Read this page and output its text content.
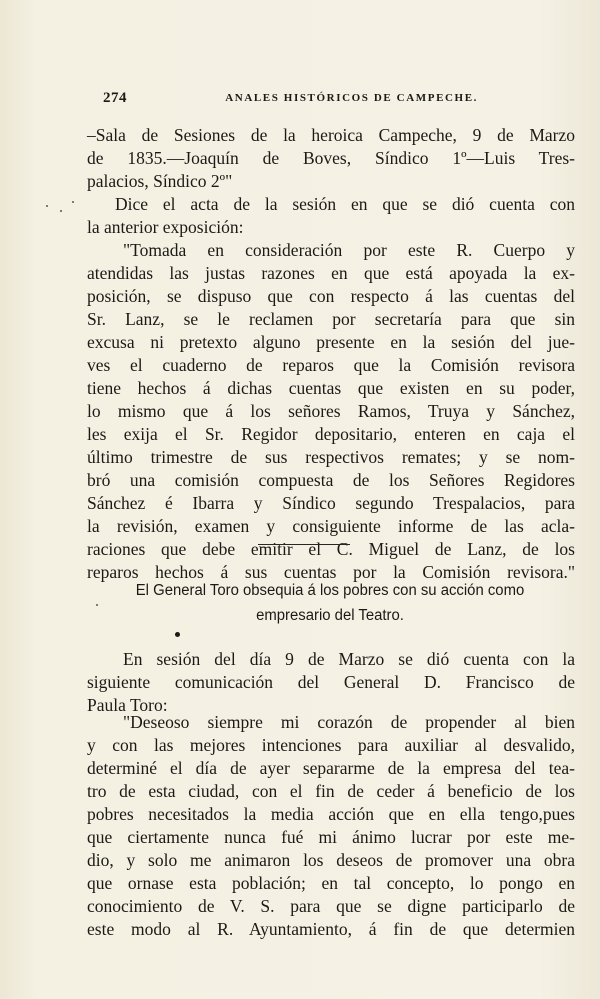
274	ANALES HISTÓRICOS DE CAMPECHE.
–Sala de Sesiones de la heroica Campeche, 9 de Marzo
de 1835.—Joaquín de Boves, Síndico 1º—Luis Tres-
palacios, Síndico 2º"
Dice el acta de la sesión en que se dió cuenta con
la anterior exposición:
"Tomada en consideración por este R. Cuerpo y
atendidas las justas razones en que está apoyada la ex-
posición, se dispuso que con respecto á las cuentas del
Sr. Lanz, se le reclamen por secretaría para que sin
excusa ni pretexto alguno presente en la sesión del jue-
ves el cuaderno de reparos que la Comisión revisora
tiene hechos á dichas cuentas que existen en su poder,
lo mismo que á los señores Ramos, Truya y Sánchez,
les exija el Sr. Regidor depositario, enteren en caja el
último trimestre de sus respectivos remates; y se nom-
bró una comisión compuesta de los Señores Regidores
Sánchez é Ibarra y Síndico segundo Trespalacios, para
la revisión, examen y consiguiente informe de las acla-
raciones que debe emitir el C. Miguel de Lanz, de los
reparos hechos á sus cuentas por la Comisión revisora."
El General Toro obsequia á los pobres con su acción como
empresario del Teatro.
En sesión del día 9 de Marzo se dió cuenta con la
siguiente comunicación del General D. Francisco de
Paula Toro:
"Deseoso siempre mi corazón de propender al bien
y con las mejores intenciones para auxiliar al desvalido,
determiné el día de ayer separarme de la empresa del tea-
tro de esta ciudad, con el fin de ceder á beneficio de los
pobres necesitados la media acción que en ella tengo,pues
que ciertamente nunca fué mi ánimo lucrar por este me-
dio, y solo me animaron los deseos de promover una obra
que ornase esta población; en tal concepto, lo pongo en
conocimiento de V. S. para que se digne participarlo de
este modo al R. Ayuntamiento, á fin de que determien
